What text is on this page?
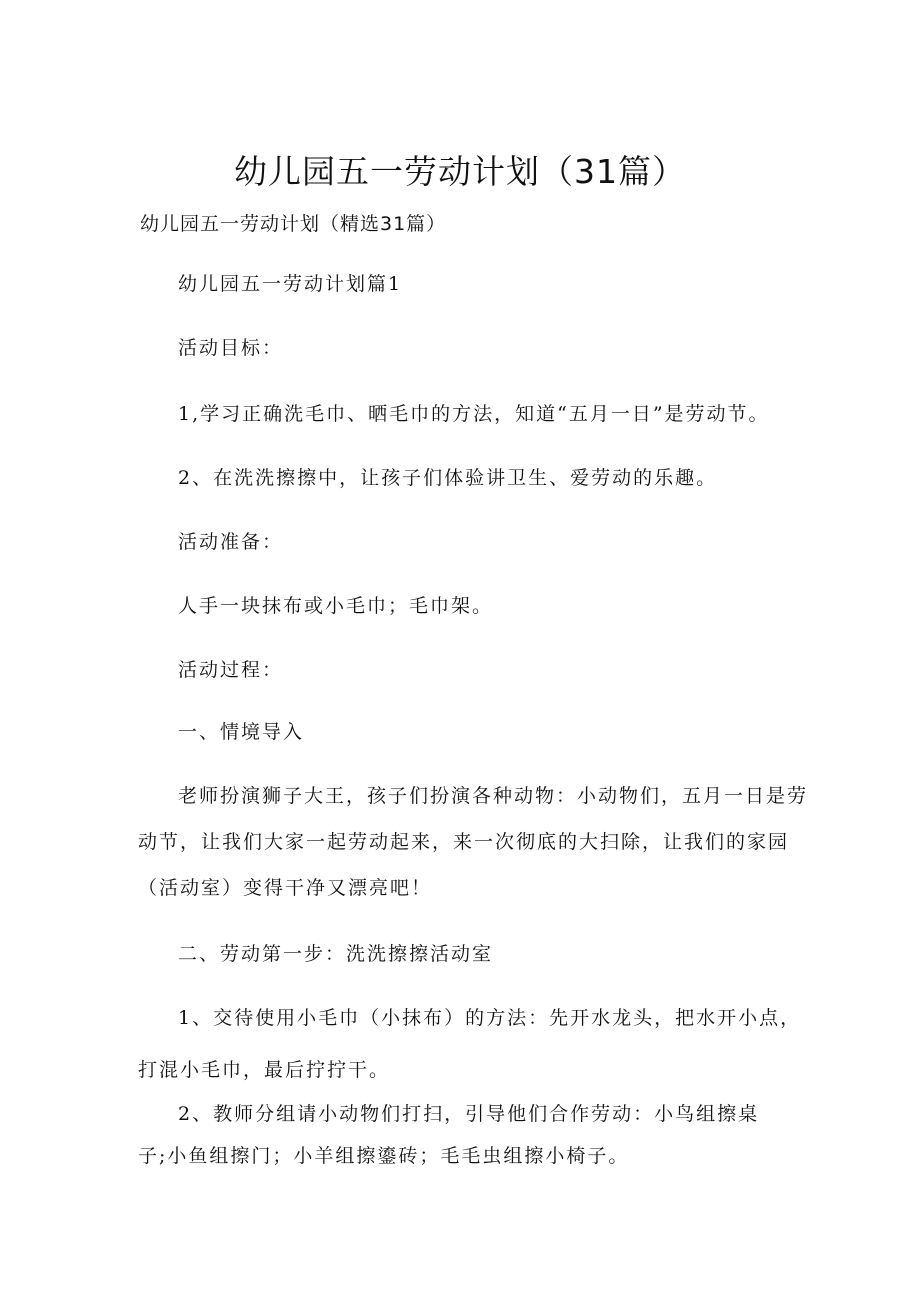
幼儿园五一劳动计划（31篇）
幼儿园五一劳动计划（精选31篇）
幼儿园五一劳动计划篇1
活动目标：
1,学习正确洗毛巾、晒毛巾的方法，知道“五月一日”是劳动节。
2、在洗洗擦擦中，让孩子们体验讲卫生、爱劳动的乐趣。
活动准备：
人手一块抹布或小毛巾；毛巾架。
活动过程：
一、情境导入
老师扮演狮子大王，孩子们扮演各种动物：小动物们，五月一日是劳
动节，让我们大家一起劳动起来，来一次彻底的大扫除，让我们的家园
（活动室）变得干净又漂亮吧！
二、劳动第一步：洗洗擦擦活动室
1、交待使用小毛巾（小抹布）的方法：先开水龙头，把水开小点，
打混小毛巾，最后拧拧干。
2、教师分组请小动物们打扫，引导他们合作劳动：小鸟组擦桌
子;小鱼组擦门；小羊组擦鎏砖；毛毛虫组擦小椅子。
